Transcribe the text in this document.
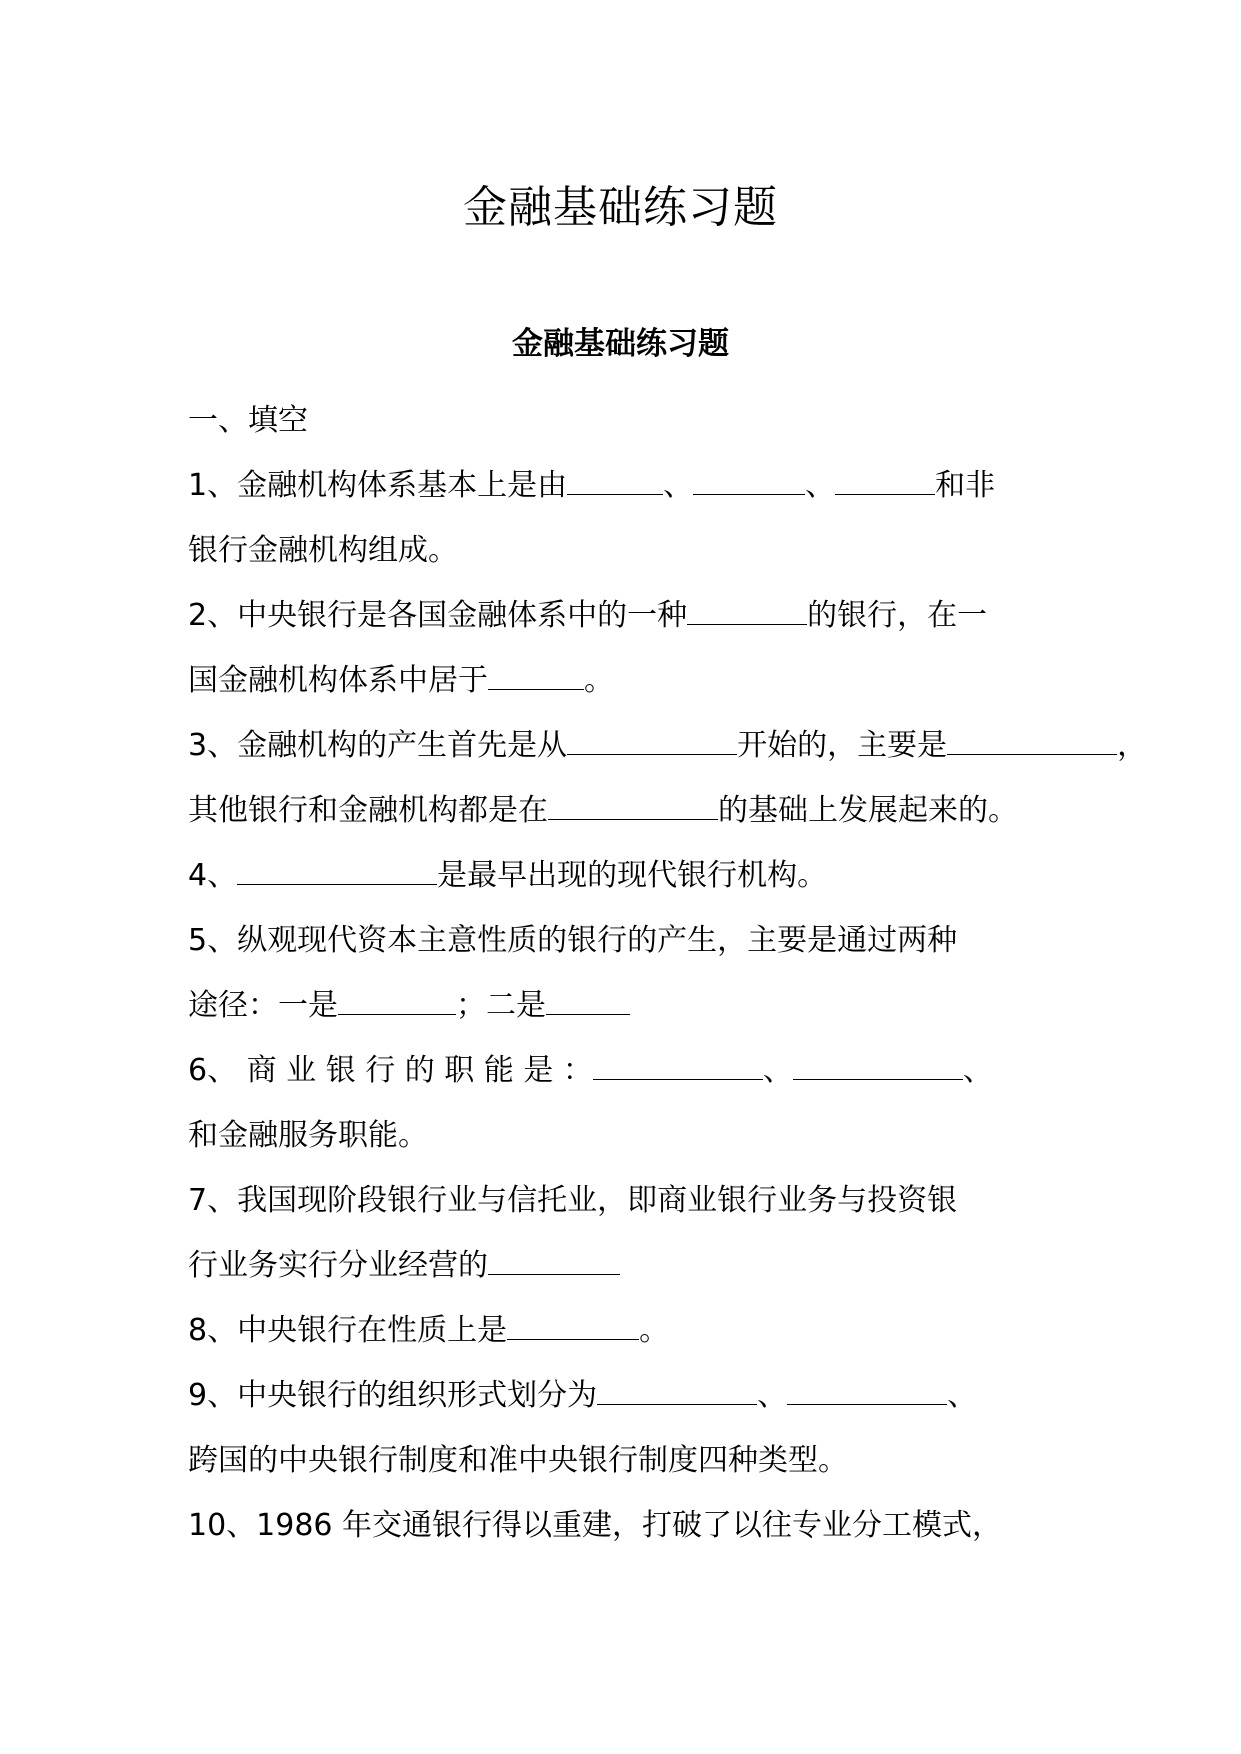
金融基础练习题
金融基础练习题
一、填空
1、金融机构体系基本上是由	、	、	和非
银行金融机构组成。
2、中央银行是各国金融体系中的一种	的银行，在一
国金融机构体系中居于	。
3、金融机构的产生首先是从	开始的，主要是	，
其他银行和金融机构都是在	的基础上发展起来的。
4、	是最早出现的现代银行机构。
5、纵观现代资本主意性质的银行的产生，主要是通过两种
途径：一是	；二是
6、 商 业 银 行 的 职 能 是 ：	、	、
和金融服务职能。
7、我国现阶段银行业与信托业，即商业银行业务与投资银
行业务实行分业经营的
8、中央银行在性质上是	。
9、中央银行的组织形式划分为	、	、
跨国的中央银行制度和准中央银行制度四种类型。
10、1986 年交通银行得以重建，打破了以往专业分工模式，
